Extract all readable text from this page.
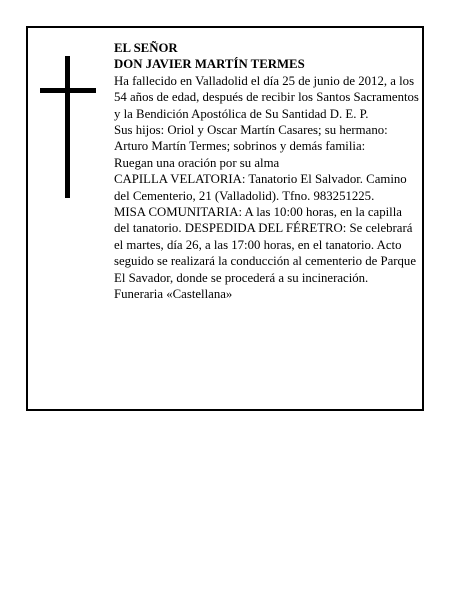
EL SEÑOR

DON JAVIER MARTÍN TERMES

Ha fallecido en Valladolid el día 25 de junio de 2012, a los 54 años de edad, después de recibir los Santos Sacramentos y la Bendición Apostólica de Su Santidad D. E. P.

Sus hijos: Oriol y Oscar Martín Casares; su hermano: Arturo Martín Termes; sobrinos y demás familia:

Ruegan una oración por su alma

CAPILLA VELATORIA: Tanatorio El Salvador. Camino del Cementerio, 21 (Valladolid). Tfno. 983251225.

MISA COMUNITARIA: A las 10:00 horas, en la capilla del tanatorio. DESPEDIDA DEL FÉRETRO: Se celebrará el martes, día 26, a las 17:00 horas, en el tanatorio. Acto seguido se realizará la conducción al cementerio de Parque El Savador, donde se procederá a su incineración.

Funeraria «Castellana»
